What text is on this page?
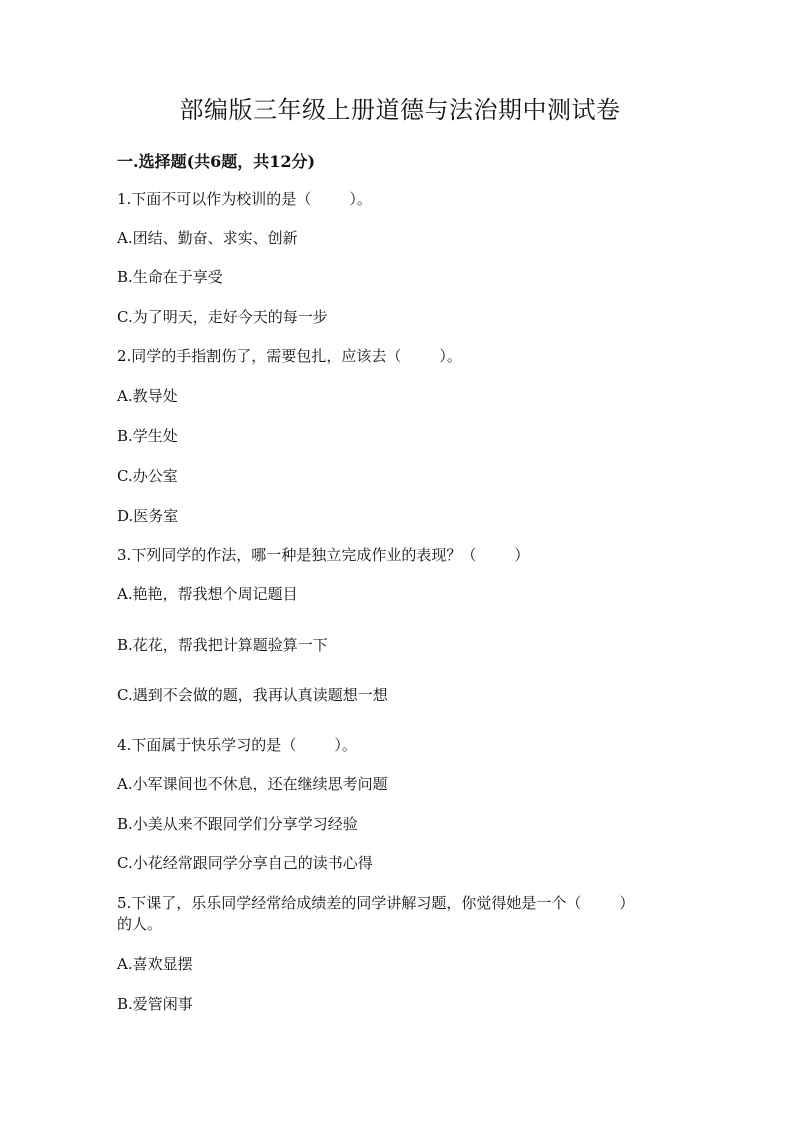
部编版三年级上册道德与法治期中测试卷
一.选择题(共6题，共12分)
1.下面不可以作为校训的是（	）。
A.团结、勤奋、求实、创新
B.生命在于享受
C.为了明天，走好今天的每一步
2.同学的手指割伤了，需要包扎，应该去（	）。
A.教导处
B.学生处
C.办公室
D.医务室
3.下列同学的作法，哪一种是独立完成作业的表现？（	）
A.艳艳，帮我想个周记题目
B.花花，帮我把计算题验算一下
C.遇到不会做的题，我再认真读题想一想
4.下面属于快乐学习的是（	）。
A.小军课间也不休息，还在继续思考问题
B.小美从来不跟同学们分享学习经验
C.小花经常跟同学分享自己的读书心得
5.下课了，乐乐同学经常给成绩差的同学讲解习题，你觉得她是一个（	）
的人。
A.喜欢显摆
B.爱管闲事
